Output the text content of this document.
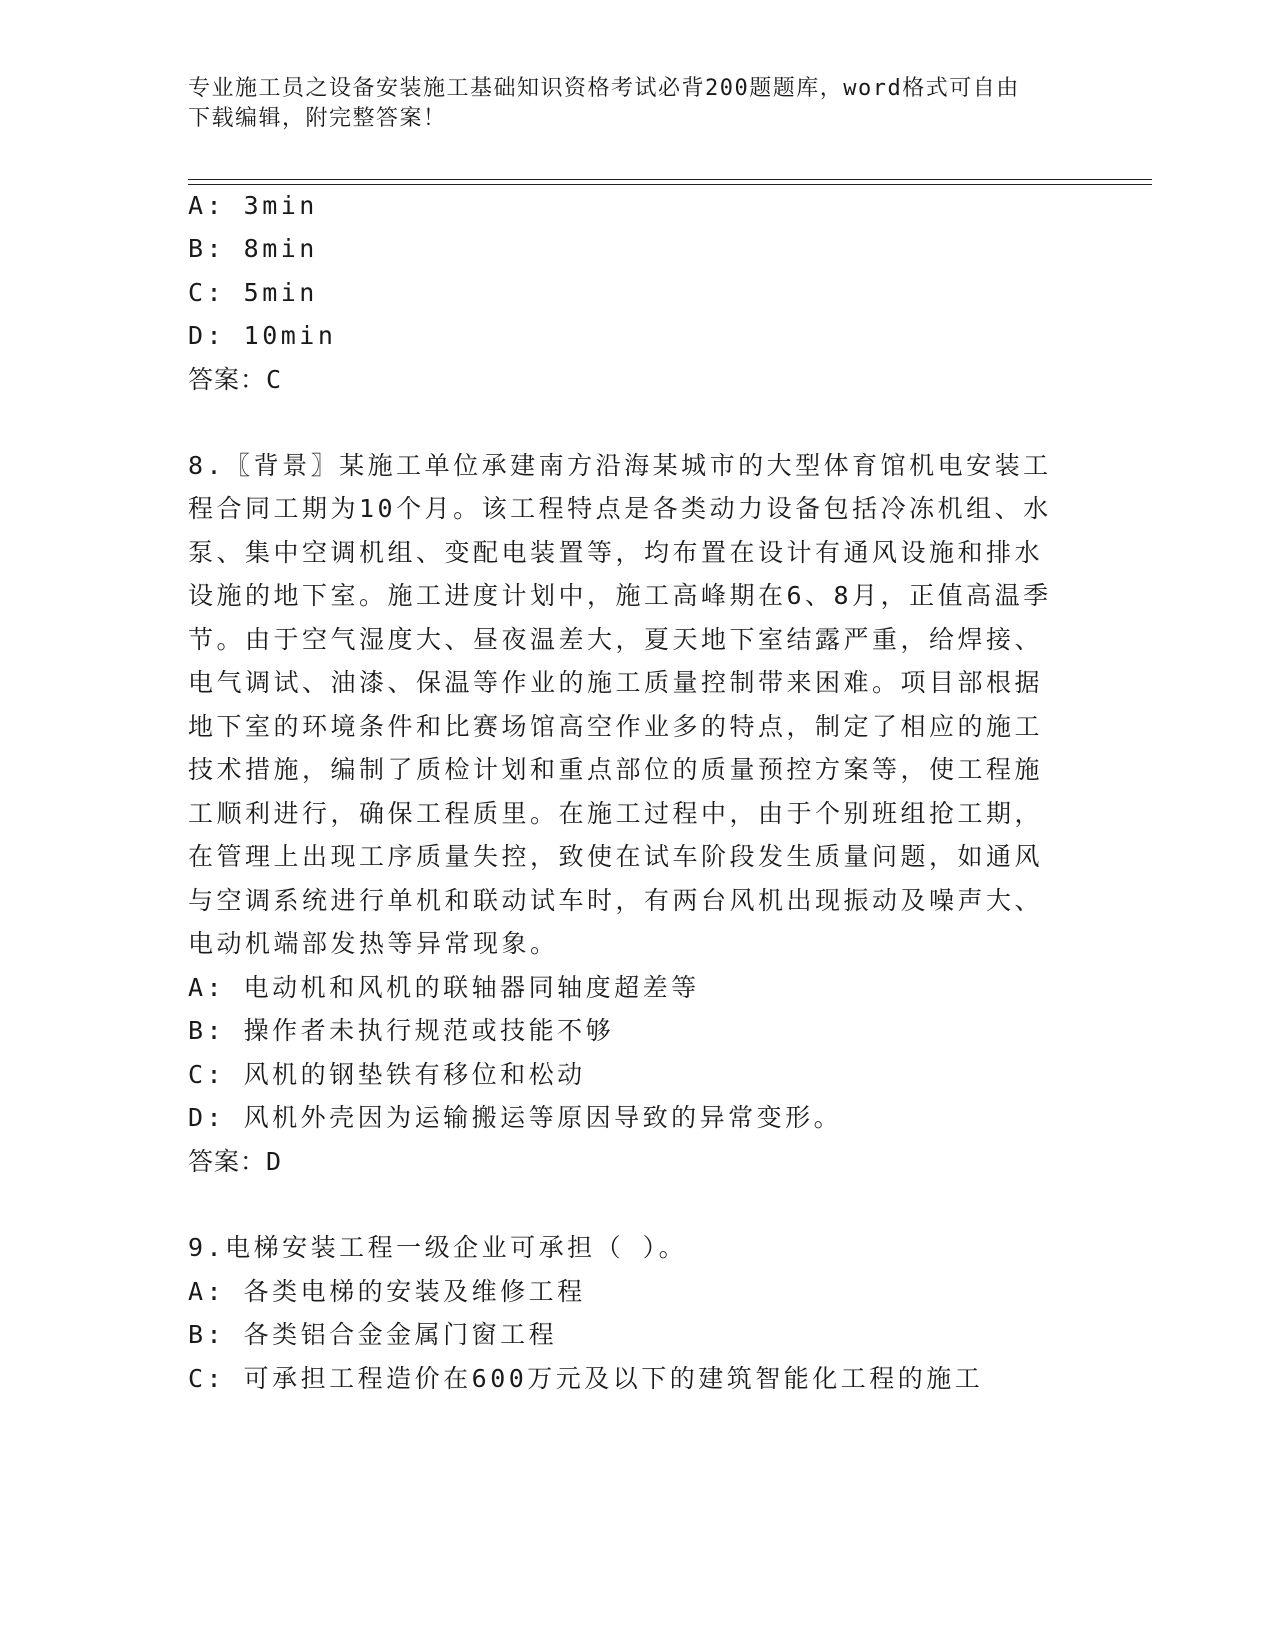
专业施工员之设备安装施工基础知识资格考试必背200题题库，word格式可自由
下载编辑，附完整答案！
A: 3min
B: 8min
C: 5min
D: 10min
答案：C
8.〖背景〗某施工单位承建南方沿海某城市的大型体育馆机电安装工
程合同工期为10个月。该工程特点是各类动力设备包括冷冻机组、水
泵、集中空调机组、变配电装置等，均布置在设计有通风设施和排水
设施的地下室。施工进度计划中，施工高峰期在6、8月，正值高温季
节。由于空气湿度大、昼夜温差大，夏天地下室结露严重，给焊接、
电气调试、油漆、保温等作业的施工质量控制带来困难。项目部根据
地下室的环境条件和比赛场馆高空作业多的特点，制定了相应的施工
技术措施，编制了质检计划和重点部位的质量预控方案等，使工程施
工顺利进行，确保工程质里。在施工过程中，由于个别班组抢工期，
在管理上出现工序质量失控，致使在试车阶段发生质量问题，如通风
与空调系统进行单机和联动试车时，有两台风机出现振动及噪声大、
电动机端部发热等异常现象。
A: 电动机和风机的联轴器同轴度超差等
B: 操作者未执行规范或技能不够
C: 风机的钢垫铁有移位和松动
D: 风机外壳因为运输搬运等原因导致的异常变形。
答案：D
9.电梯安装工程一级企业可承担（ ）。
A: 各类电梯的安装及维修工程
B: 各类铝合金金属门窗工程
C: 可承担工程造价在600万元及以下的建筑智能化工程的施工
